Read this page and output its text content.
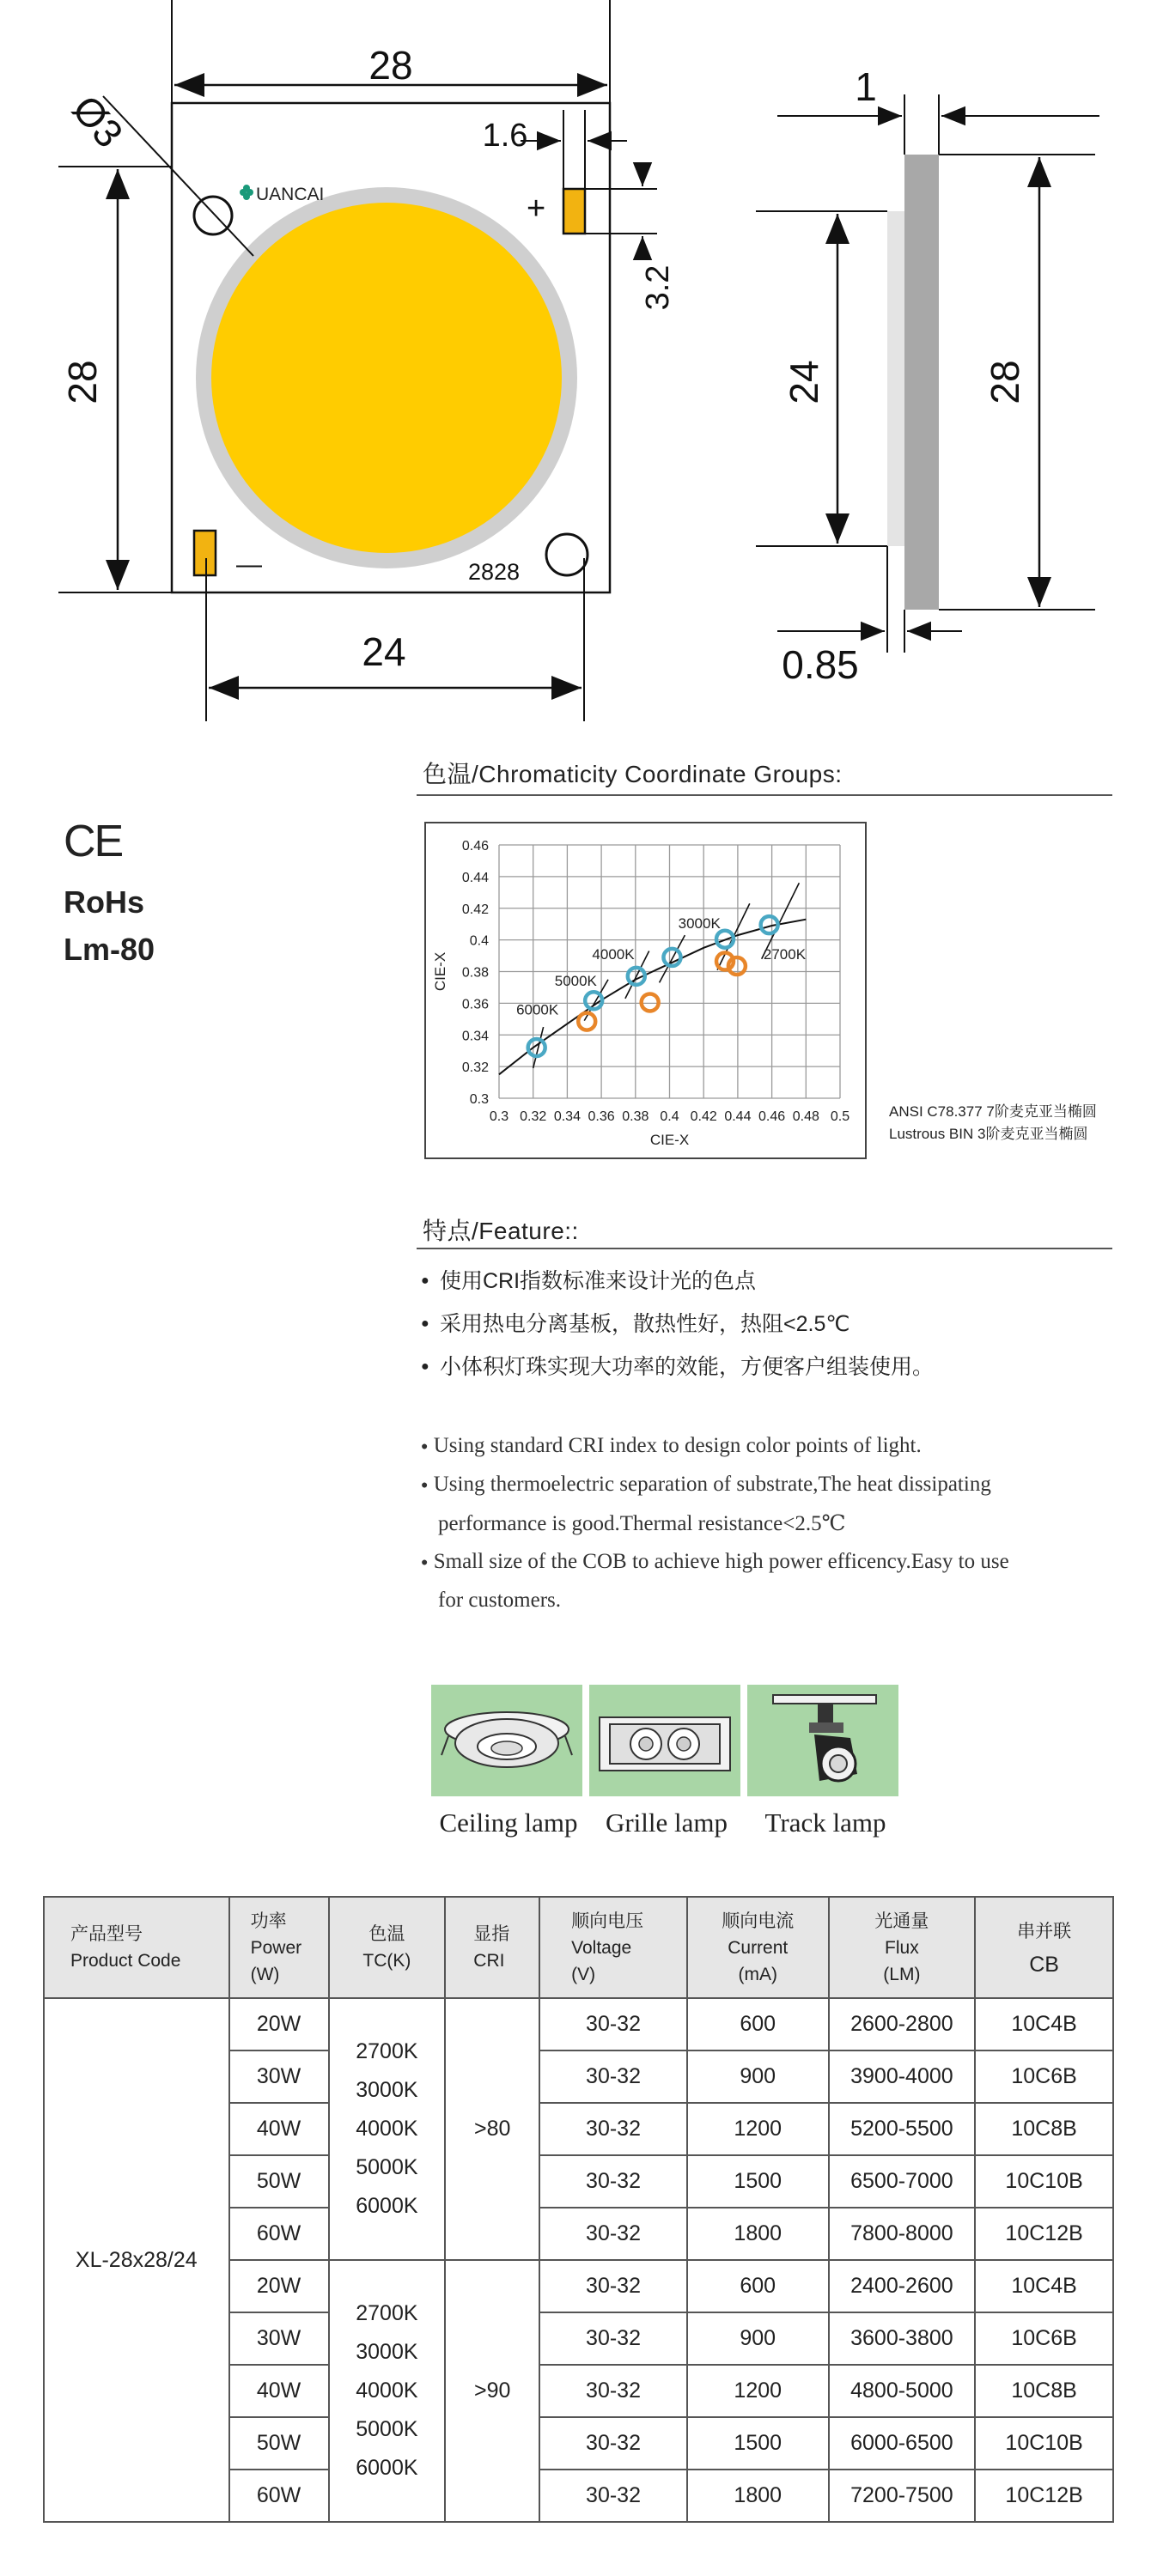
UANCAI
2828
+
—
28
28
Ø3	1.6
3.2
24
1
24	28
0.85
CE
RoHs
Lm-80
色温/Chromaticity Coordinate Groups:
0.3 0.32 0.34 0.36 0.38 0.4 0.42 0.44 0.46 0.48 0.5
0.46
0.44
0.42
0.4
0.38
0.36
0.34
0.32
0.3
CIE-X
CIE-X
6000K
5000K
4000K
3000K
2700K
ANSI C78.377 7阶麦克亚当椭圆
Lustrous BIN 3阶麦克亚当椭圆
特点/Feature::
● 使用CRI指数标准来设计光的色点
● 采用热电分离基板，散热性好，热阻<2.5℃
● 小体积灯珠实现大功率的效能，方便客户组装使用。
● Using standard CRI index to design color points of light.
● Using thermoelectric separation of substrate,The heat dissipating
performance is good.Thermal resistance<2.5℃
● Small size of the COB to achieve high power efficency.Easy to use
for customers.
Ceiling lamp	Grille lamp	Track lamp
产品型号
Product Code	功率
Power
(W)	色温
TC(K)	显指
CRI	顺向电压
Voltage
(V)	顺向电流
Current
(mA)	光通量
Flux
(LM)	串并联
CB
XL-28x28/24	20W	2700K
3000K
4000K
5000K
6000K	>80	30-32	600	2600-2800	10C4B
	30W			30-32	900	3900-4000	10C6B
	40W			30-32	1200	5200-5500	10C8B
	50W			30-32	1500	6500-7000	10C10B
	60W			30-32	1800	7800-8000	10C12B
	20W	2700K
3000K
4000K
5000K
6000K	>90	30-32	600	2400-2600	10C4B
	30W			30-32	900	3600-3800	10C6B
	40W			30-32	1200	4800-5000	10C8B
	50W			30-32	1500	6000-6500	10C10B
	60W			30-32	1800	7200-7500	10C12B
